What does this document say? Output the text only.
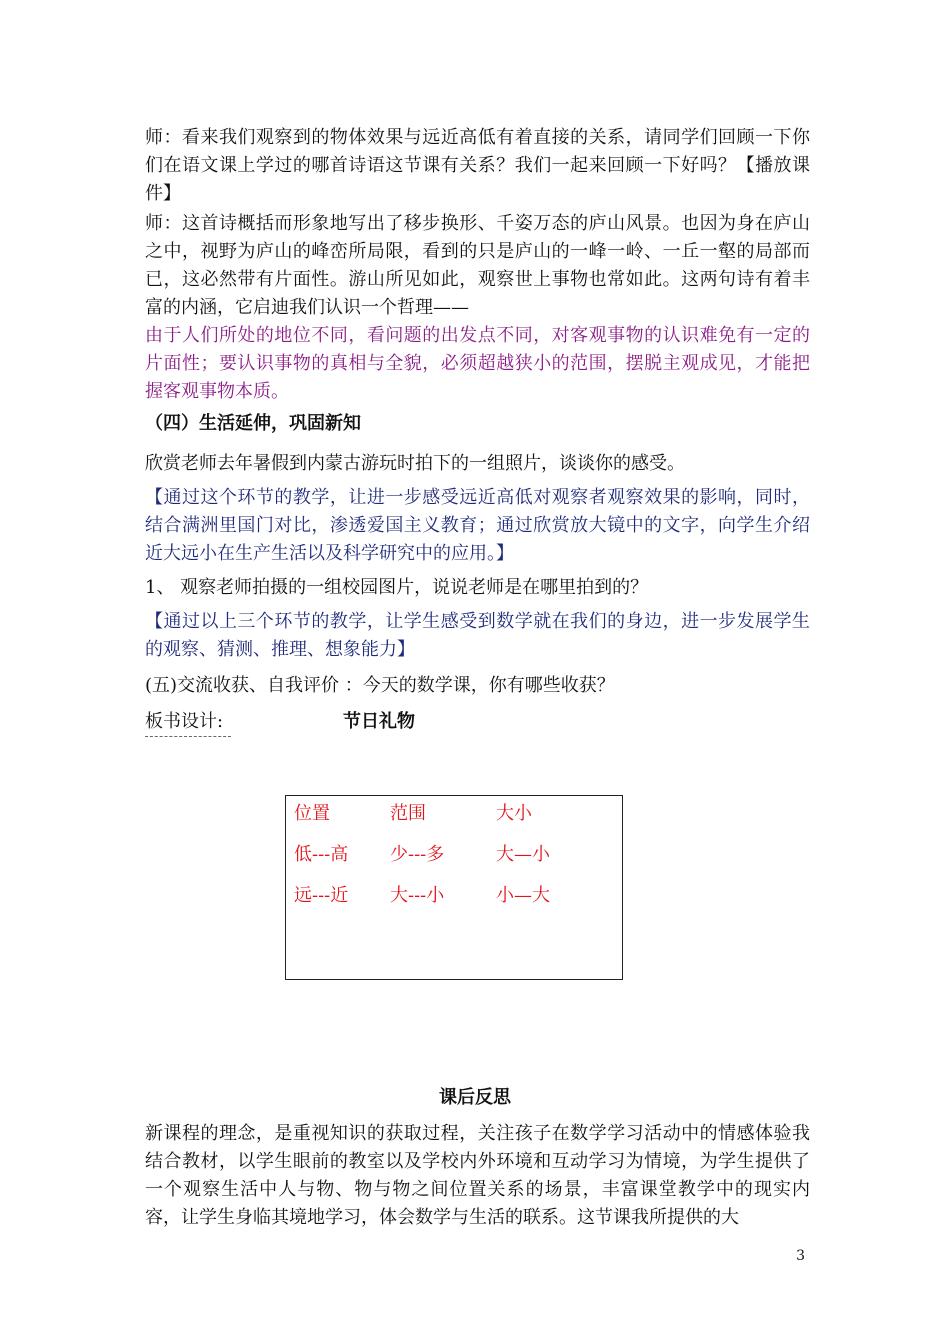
师：看来我们观察到的物体效果与远近高低有着直接的关系，请同学们回顾一下你们在语文课上学过的哪首诗语这节课有关系？我们一起来回顾一下好吗？【播放课件】

师：这首诗概括而形象地写出了移步换形、千姿万态的庐山风景。也因为身在庐山之中，视野为庐山的峰峦所局限，看到的只是庐山的一峰一岭、一丘一壑的局部而已，这必然带有片面性。游山所见如此，观察世上事物也常如此。这两句诗有着丰富的内涵，它启迪我们认识一个哲理——

由于人们所处的地位不同，看问题的出发点不同，对客观事物的认识难免有一定的片面性；要认识事物的真相与全貌，必须超越狭小的范围，摆脱主观成见，才能把握客观事物本质。

（四）生活延伸，巩固新知

欣赏老师去年暑假到内蒙古游玩时拍下的一组照片，谈谈你的感受。

【通过这个环节的教学，让进一步感受远近高低对观察者观察效果的影响，同时，结合满洲里国门对比，渗透爱国主义教育；通过欣赏放大镜中的文字，向学生介绍近大远小在生产生活以及科学研究中的应用。】

1、 观察老师拍摄的一组校园图片，说说老师是在哪里拍到的？

【通过以上三个环节的教学，让学生感受到数学就在我们的身边，进一步发展学生的观察、猜测、推理、想象能力】

(五)交流收获、自我评价 ：今天的数学课，你有哪些收获？

板书设计:	节日礼物
位置	范围	大小
低---高 少---多	大—小
远---近 大---小	小—大
课后反思

新课程的理念，是重视知识的获取过程，关注孩子在数学学习活动中的情感体验我结合教材，以学生眼前的教室以及学校内外环境和互动学习为情境，为学生提供了一个观察生活中人与物、物与物之间位置关系的场景，丰富课堂教学中的现实内容，让学生身临其境地学习，体会数学与生活的联系。这节课我所提供的大

3
